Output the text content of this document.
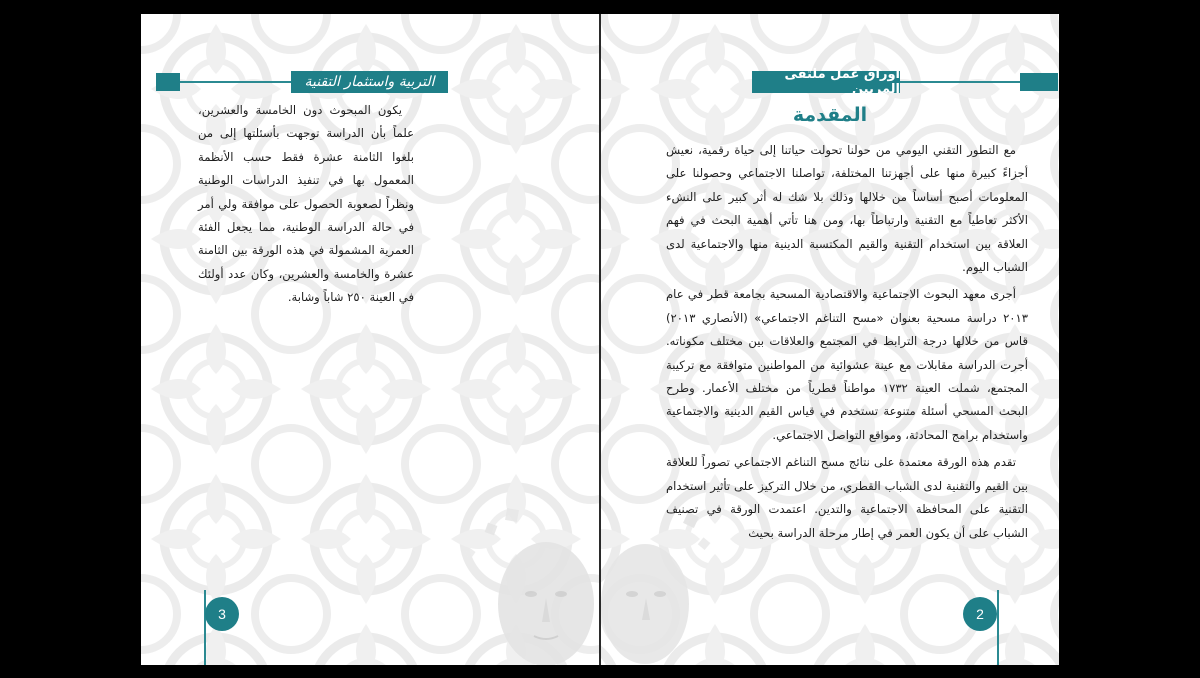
التربية واستثمار التقنية	أوراق عمل ملتقى المربين
3	2
المقدمة

يكون المبحوث دون الخامسة والعشرين، علماً بأن الدراسة توجهت بأسئلتها إلى من بلغوا الثامنة عشرة فقط حسب الأنظمة المعمول بها في تنفيذ الدراسات الوطنية ونظراً لصعوبة الحصول على موافقة ولي أمر في حالة الدراسة الوطنية، مما يجعل الفئة العمرية المشمولة في هذه الورقة بين الثامنة عشرة والخامسة والعشرين، وكان عدد أولئك في العينة ٢٥٠ شاباً وشابة.

مع التطور التقني اليومي من حولنا تحولت حياتنا إلى حياة رقمية، نعيش أجزاءً كبيرة منها على أجهزتنا المختلفة، تواصلنا الاجتماعي وحصولنا على المعلومات أصبح أساساً من خلالها وذلك بلا شك له أثر كبير على النشء الأكثر تعاطياً مع التقنية وارتباطاً بها، ومن هنا تأتي أهمية البحث في فهم العلاقة بين استخدام التقنية والقيم المكتسبة الدينية منها والاجتماعية لدى الشباب اليوم.

أجرى معهد البحوث الاجتماعية والاقتصادية المسحية بجامعة قطر في عام ٢٠١٣ دراسة مسحية بعنوان «مسح التناغم الاجتماعي» (الأنصاري ٢٠١٣) قاس من خلالها درجة الترابط في المجتمع والعلاقات بين مختلف مكوناته. أجرت الدراسة مقابلات مع عينة عشوائية من المواطنين متوافقة مع تركيبة المجتمع، شملت العينة ١٧٣٢ مواطناً قطرياً من مختلف الأعمار. وطرح البحث المسحي أسئلة متنوعة تستخدم في قياس القيم الدينية والاجتماعية واستخدام برامج المحادثة، ومواقع التواصل الاجتماعي.

تقدم هذه الورقة معتمدة على نتائج مسح التناغم الاجتماعي تصوراً للعلاقة بين القيم والتقنية لدى الشباب القطري، من خلال التركيز على تأثير استخدام التقنية على المحافظة الاجتماعية والتدين. اعتمدت الورقة في تصنيف الشباب على أن يكون العمر في إطار مرحلة الدراسة بحيث
